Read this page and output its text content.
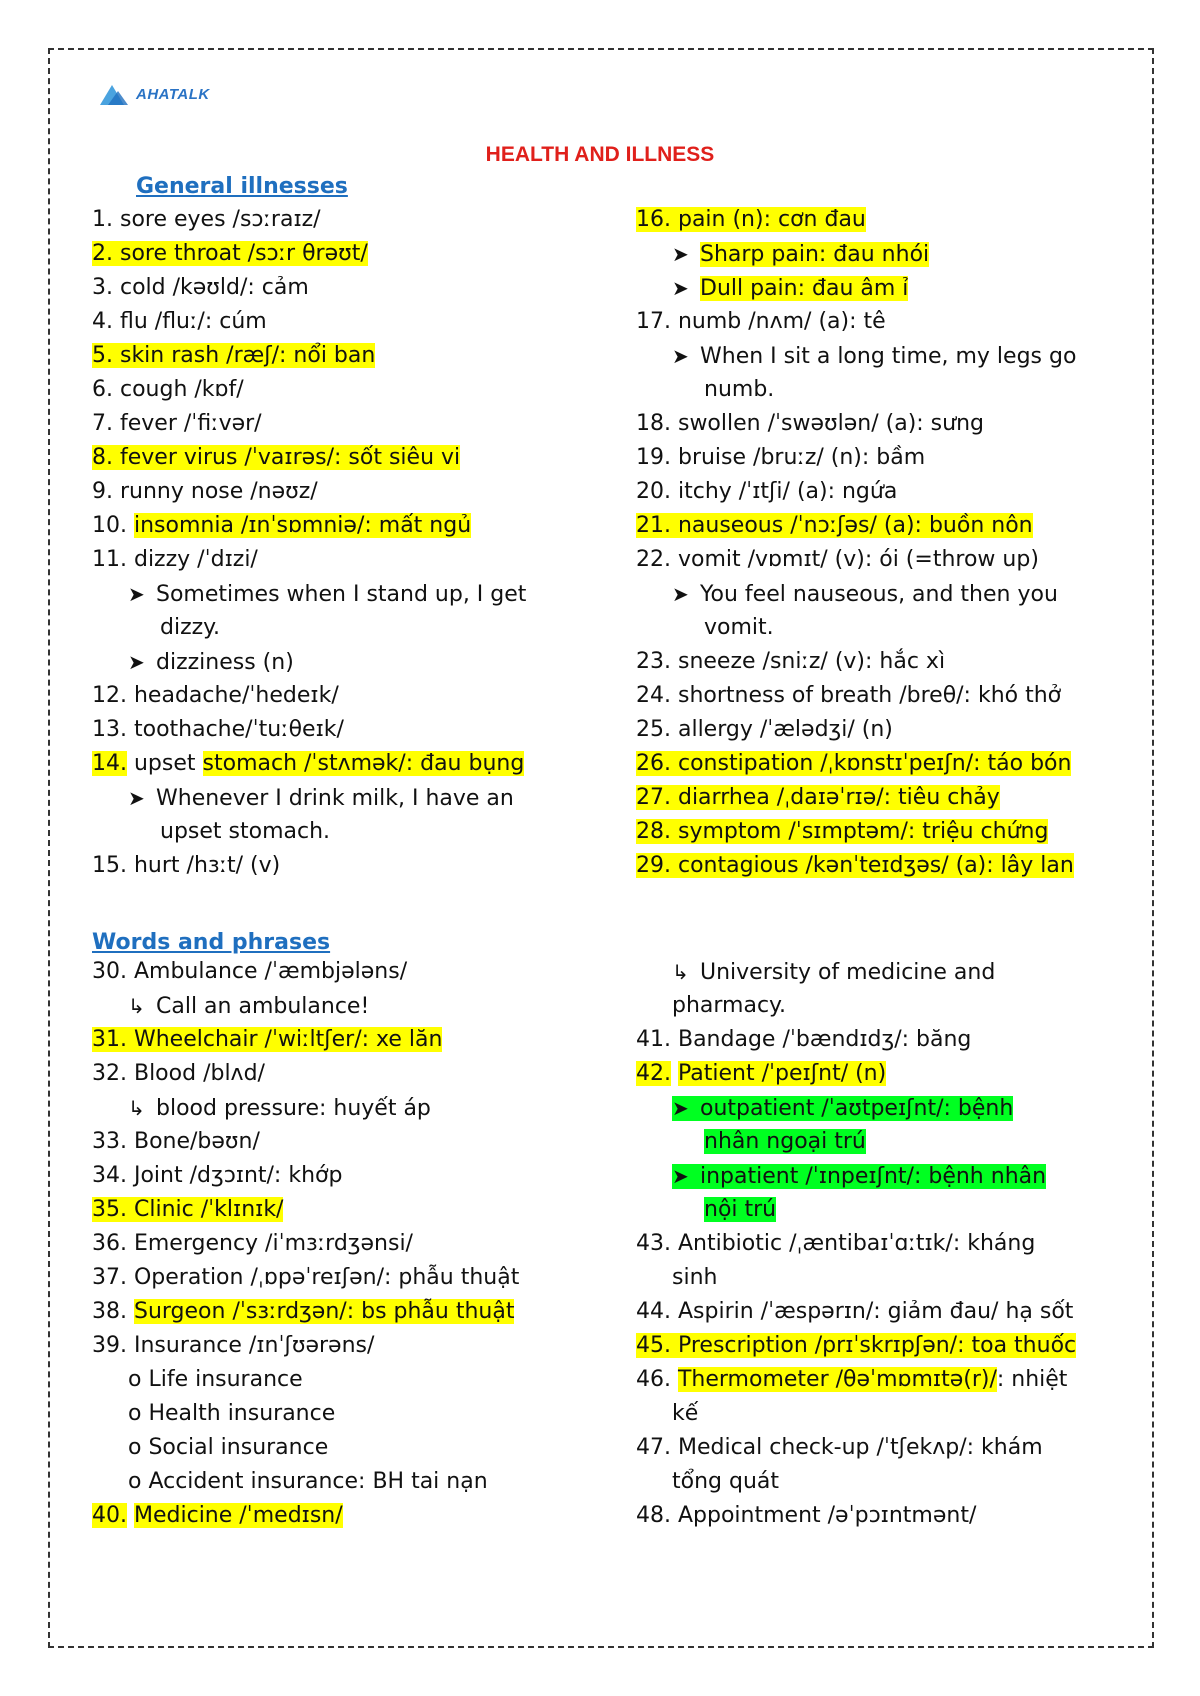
AHATALK
HEALTH AND ILLNESS
General illnesses
Words and phrases
1. sore eyes /sɔːraɪz/
2. sore throat /sɔːr θrəʊt/
3. cold /kəʊld/: cảm
4. flu /fluː/: cúm
5. skin rash /ræʃ/: nổi ban
6. cough /kɒf/
7. fever /ˈfiːvər/
8. fever virus /ˈvaɪrəs/: sốt siêu vi
9. runny nose /nəʊz/
10. insomnia /ɪnˈsɒmniə/: mất ngủ
11. dizzy /ˈdɪzi/
➤ Sometimes when I stand up, I get
dizzy.
➤ dizziness (n)
12. headache/ˈhedeɪk/
13. toothache/ˈtuːθeɪk/
14. upset stomach /ˈstʌmək/: đau bụng
➤ Whenever I drink milk, I have an
upset stomach.
15. hurt /hɜːt/ (v)
16. pain (n): cơn đau
➤ Sharp pain: đau nhói
➤ Dull pain: đau âm ỉ
17. numb /nʌm/ (a): tê
➤ When I sit a long time, my legs go
numb.
18. swollen /ˈswəʊlən/ (a): sưng
19. bruise /bruːz/ (n): bầm
20. itchy /ˈɪtʃi/ (a): ngứa
21. nauseous /ˈnɔːʃəs/ (a): buồn nôn
22. vomit /vɒmɪt/ (v): ói (=throw up)
➤ You feel nauseous, and then you
vomit.
23. sneeze /sniːz/ (v): hắc xì
24. shortness of breath /breθ/: khó thở
25. allergy /ˈælədʒi/ (n)
26. constipation /ˌkɒnstɪˈpeɪʃn/: táo bón
27. diarrhea /ˌdaɪəˈrɪə/: tiêu chảy
28. symptom /ˈsɪmptəm/: triệu chứng
29. contagious /kənˈteɪdʒəs/ (a): lây lan
30. Ambulance /ˈæmbjələns/
↳ Call an ambulance!
31. Wheelchair /ˈwiːltʃer/: xe lăn
32. Blood /blʌd/
↳ blood pressure: huyết áp
33. Bone/bəʊn/
34. Joint /dʒɔɪnt/: khớp
35. Clinic /ˈklɪnɪk/
36. Emergency /iˈmɜːrdʒənsi/
37. Operation /ˌɒpəˈreɪʃən/: phẫu thuật
38. Surgeon /ˈsɜːrdʒən/: bs phẫu thuật
39. Insurance /ɪnˈʃʊərəns/
o Life insurance
o Health insurance
o Social insurance
o Accident insurance: BH tai nạn
40. Medicine /ˈmedɪsn/
↳ University of medicine and
pharmacy.
41. Bandage /ˈbændɪdʒ/: băng
42. Patient /ˈpeɪʃnt/ (n)
➤ outpatient /ˈaʊtpeɪʃnt/: bệnh
nhân ngoại trú
➤ inpatient /ˈɪnpeɪʃnt/: bệnh nhân
nội trú
43. Antibiotic /ˌæntibaɪˈɑːtɪk/: kháng
sinh
44. Aspirin /ˈæspərɪn/: giảm đau/ hạ sốt
45. Prescription /prɪˈskrɪpʃən/: toa thuốc
46. Thermometer /θəˈmɒmɪtə(r)/: nhiệt
kế
47. Medical check-up /ˈtʃekʌp/: khám
tổng quát
48. Appointment /əˈpɔɪntmənt/
